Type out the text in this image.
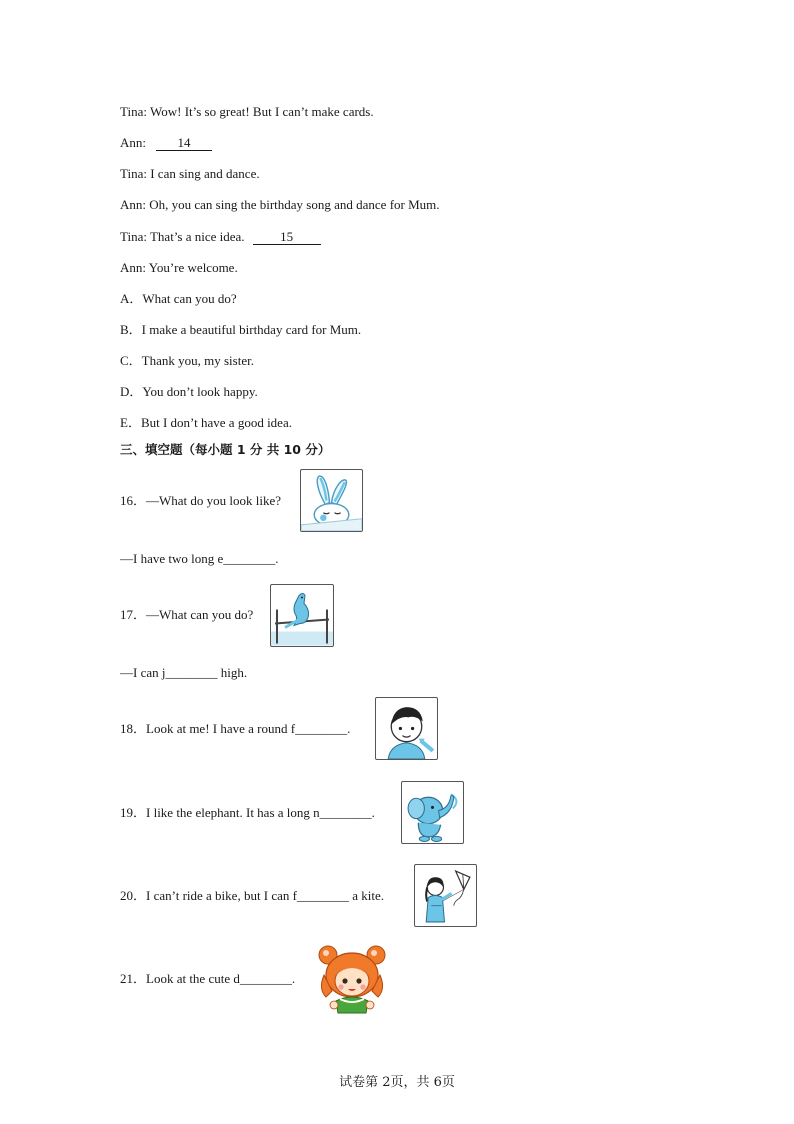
Tina: Wow! It’s so great! But I can’t make cards.
Ann: 14
Tina: I can sing and dance.
Ann: Oh, you can sing the birthday song and dance for Mum.
Tina: That’s a nice idea.	15
Ann: You’re welcome.
A．What can you do?
B．I make a beautiful birthday card for Mum.
C．Thank you, my sister.
D．You don’t look happy.
E．But I don’t have a good idea.
三、填空题（每小题 1 分 共 10 分）
16．—What do you look like?
—I have two long e________.
17．—What can you do?
—I can j________ high.
18．Look at me! I have a round f________.
19．I like the elephant. It has a long n________.
20．I can’t ride a bike, but I can f________ a kite.
21．Look at the cute d________.
试卷第 2页，共 6页
